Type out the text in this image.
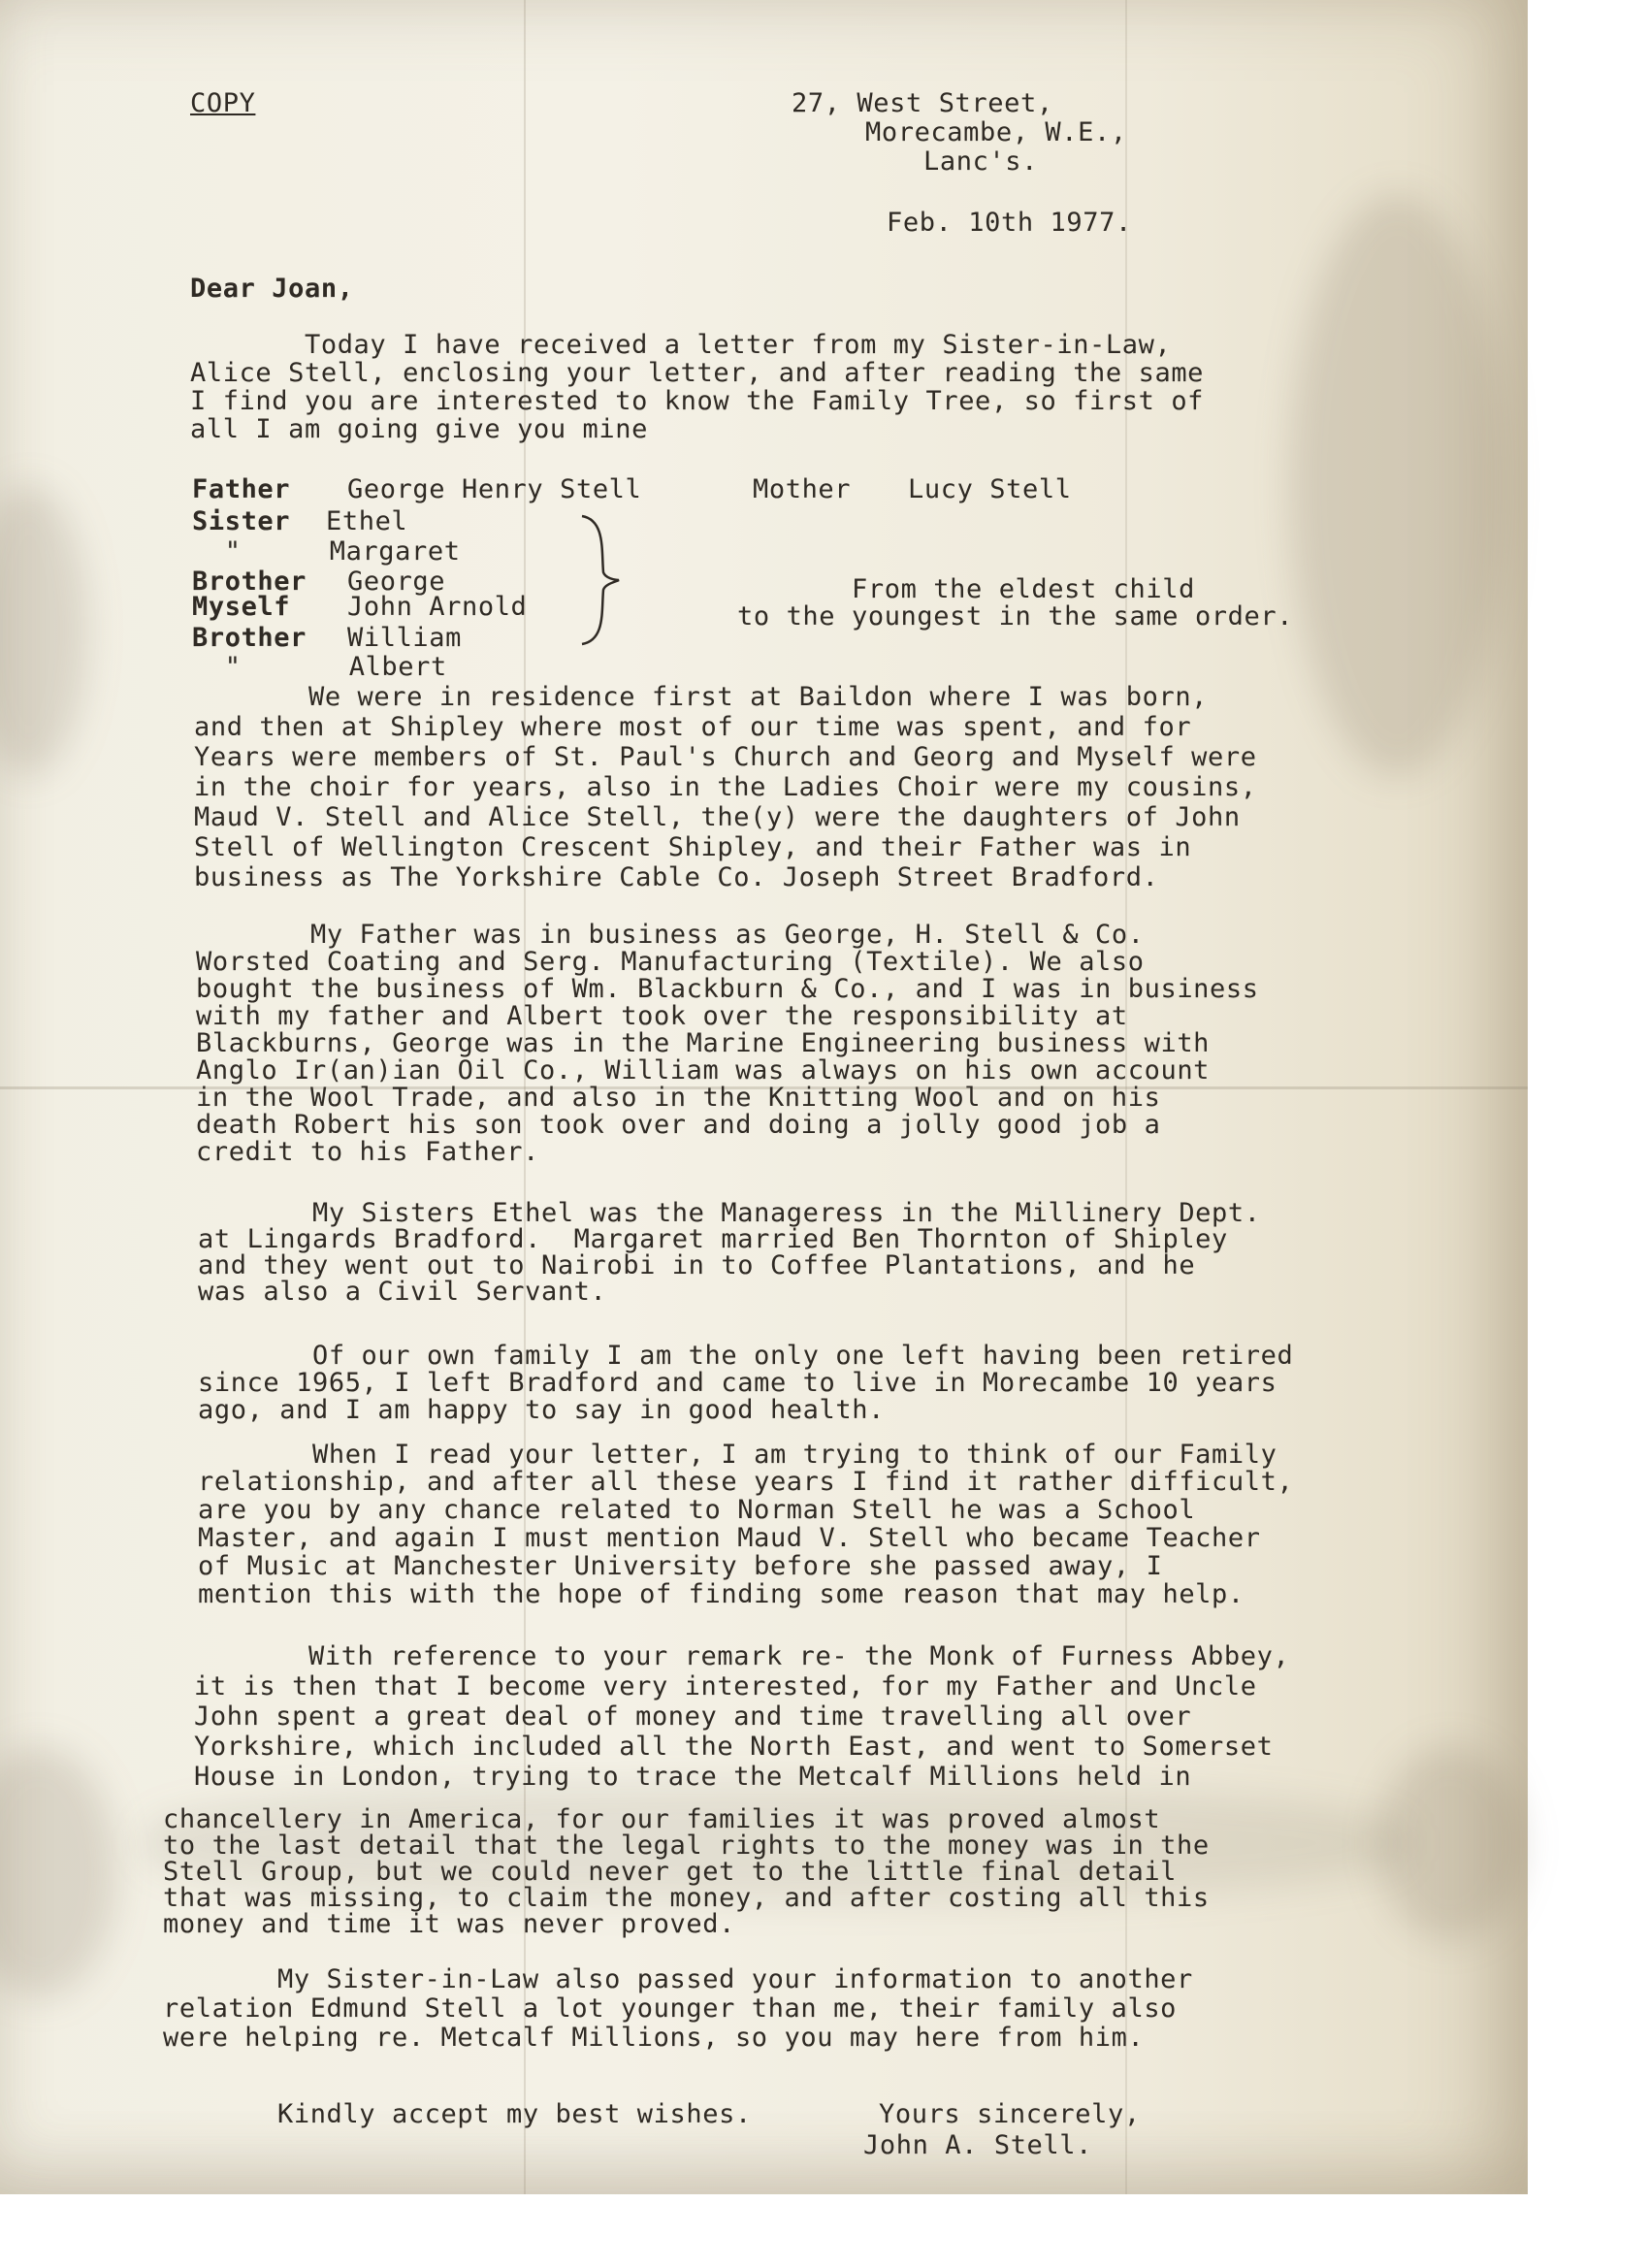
COPY	27, West Street,
Morecambe, W.E.,
Lanc's.
Feb. 10th 1977.
Dear Joan,
Today I have received a letter from my Sister-in-Law,
Alice Stell, enclosing your letter, and after reading the same
I find you are interested to know the Family Tree, so first of
all I am going give you mine
Father George Henry Stell	Mother Lucy Stell
Sister Ethel
" Margaret
Brother George
Myself John Arnold
Brother William
"	Albert
From the eldest child
to the youngest in the same order.
We were in residence first at Baildon where I was born,
and then at Shipley where most of our time was spent, and for
Years were members of St. Paul's Church and Georg and Myself were
in the choir for years, also in the Ladies Choir were my cousins,
Maud V. Stell and Alice Stell, the(y) were the daughters of John
Stell of Wellington Crescent Shipley, and their Father was in
business as The Yorkshire Cable Co. Joseph Street Bradford.
My Father was in business as George, H. Stell & Co.
Worsted Coating and Serg. Manufacturing (Textile). We also
bought the business of Wm. Blackburn & Co., and I was in business
with my father and Albert took over the responsibility at
Blackburns, George was in the Marine Engineering business with
Anglo Ir(an)ian Oil Co., William was always on his own account
in the Wool Trade, and also in the Knitting Wool and on his
death Robert his son took over and doing a jolly good job a
credit to his Father.
My Sisters Ethel was the Manageress in the Millinery Dept.
at Lingards Bradford.  Margaret married Ben Thornton of Shipley
and they went out to Nairobi in to Coffee Plantations, and he
was also a Civil Servant.
Of our own family I am the only one left having been retired
since 1965, I left Bradford and came to live in Morecambe 10 years
ago, and I am happy to say in good health.
When I read your letter, I am trying to think of our Family
relationship, and after all these years I find it rather difficult,
are you by any chance related to Norman Stell he was a School
Master, and again I must mention Maud V. Stell who became Teacher
of Music at Manchester University before she passed away, I
mention this with the hope of finding some reason that may help.
With reference to your remark re- the Monk of Furness Abbey,
it is then that I become very interested, for my Father and Uncle
John spent a great deal of money and time travelling all over
Yorkshire, which included all the North East, and went to Somerset
House in London, trying to trace the Metcalf Millions held in
chancellery in America, for our families it was proved almost
to the last detail that the legal rights to the money was in the
Stell Group, but we could never get to the little final detail
that was missing, to claim the money, and after costing all this
money and time it was never proved.
My Sister-in-Law also passed your information to another
relation Edmund Stell a lot younger than me, their family also
were helping re. Metcalf Millions, so you may here from him.
Kindly accept my best wishes.	Yours sincerely,
John A. Stell.
